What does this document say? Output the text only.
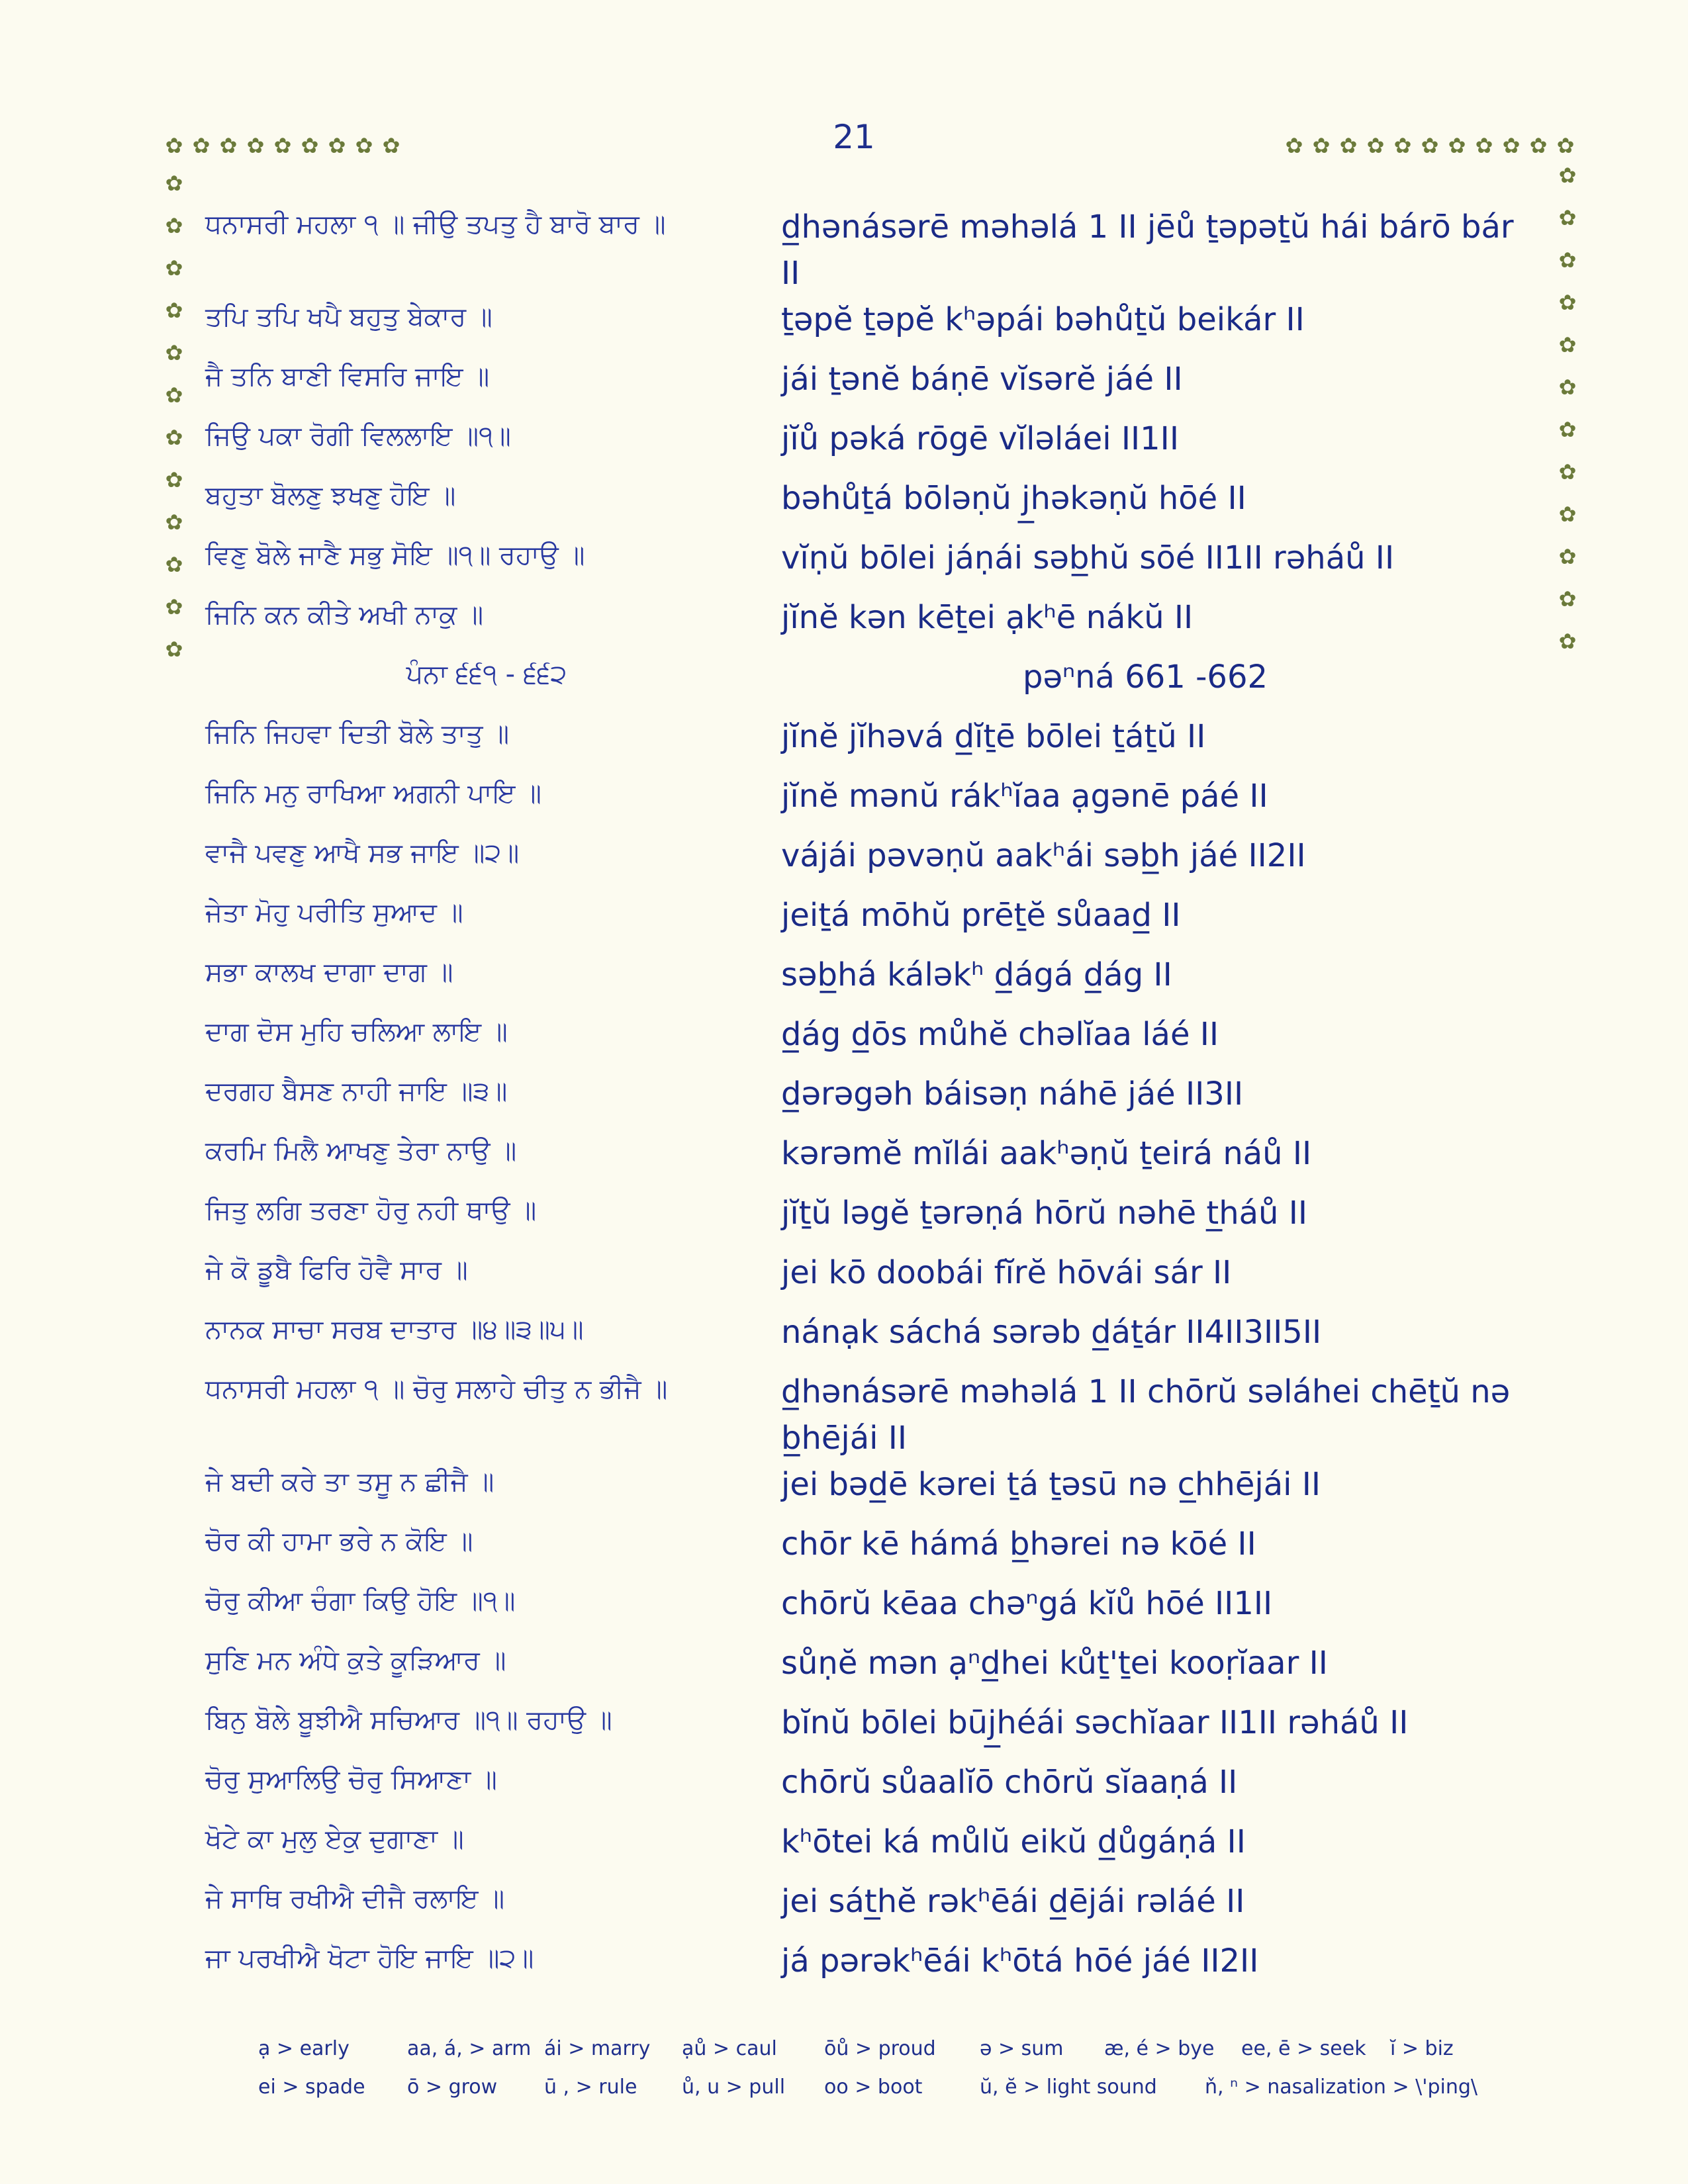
21
✿ ✿ ✿ ✿ ✿ ✿ ✿ ✿ ✿	✿ ✿ ✿ ✿ ✿ ✿ ✿ ✿ ✿ ✿ ✿
✿
✿
✿
✿
✿
✿
✿
✿
✿
✿
✿
✿
✿
✿
✿
✿
✿
✿
✿
✿
✿
✿
✿
✿
ਧਨਾਸਰੀ ਮਹਲਾ ੧ ॥ ਜੀਉ ਤਪਤੁ ਹੈ ਬਾਰੋ ਬਾਰ ॥	d̲hənásərē məhəlá 1 II jēů ṯəpəṯŭ hái bárō bár II
ਤਪਿ ਤਪਿ ਖਪੈ ਬਹੁਤੁ ਬੇਕਾਰ ॥	ṯəpĕ ṯəpĕ kʰəpái bəhůṯŭ beikár II
ਜੈ ਤਨਿ ਬਾਣੀ ਵਿਸਰਿ ਜਾਇ ॥	jái ṯənĕ báṇē vĭsərĕ jáé II
ਜਿਉ ਪਕਾ ਰੋਗੀ ਵਿਲਲਾਇ ॥੧॥	jĭů pəká rōgē vĭləláei II1II
ਬਹੁਤਾ ਬੋਲਣੁ ਝਖਣੁ ਹੋਇ ॥	bəhůṯá bōləṇŭ j̲həkəṇŭ hōé II
ਵਿਣੁ ਬੋਲੇ ਜਾਣੈ ਸਭੁ ਸੋਇ ॥੧॥ ਰਹਾਉ ॥	vĭṇŭ bōlei jáṇái səb̲hŭ sōé II1II rəháů II
ਜਿਨਿ ਕਨ ਕੀਤੇ ਅਖੀ ਨਾਕੁ ॥	jĭnĕ kən kēṯei ạkʰē nákŭ II
ਪੰਨਾ ੬੬੧ - ੬੬੨	pəⁿná 661 -662
ਜਿਨਿ ਜਿਹਵਾ ਦਿਤੀ ਬੋਲੇ ਤਾਤੁ ॥	jĭnĕ jĭhəvá d̲ĭṯē bōlei ṯáṯŭ II
ਜਿਨਿ ਮਨੁ ਰਾਖਿਆ ਅਗਨੀ ਪਾਇ ॥	jĭnĕ mənŭ rákʰĭaa ạgənē páé II
ਵਾਜੈ ਪਵਣੁ ਆਖੈ ਸਭ ਜਾਇ ॥੨॥	vájái pəvəṇŭ aakʰái səb̲h jáé II2II
ਜੇਤਾ ਮੋਹੁ ਪਰੀਤਿ ਸੁਆਦ ॥	jeiṯá mōhŭ prēṯĕ sůaad̲ II
ਸਭਾ ਕਾਲਖ ਦਾਗਾ ਦਾਗ ॥	səb̲há káləkʰ d̲ágá d̲ág II
ਦਾਗ ਦੋਸ ਮੁਹਿ ਚਲਿਆ ਲਾਇ ॥	d̲ág d̲ōs můhĕ chəlĭaa láé II
ਦਰਗਹ ਬੈਸਣ ਨਾਹੀ ਜਾਇ ॥੩॥	d̲ərəgəh báisəṇ náhē jáé II3II
ਕਰਮਿ ਮਿਲੈ ਆਖਣੁ ਤੇਰਾ ਨਾਉ ॥	kərəmĕ mĭlái aakʰəṇŭ ṯeirá náů II
ਜਿਤੁ ਲਗਿ ਤਰਣਾ ਹੋਰੁ ਨਹੀ ਥਾਉ ॥	jĭṯŭ ləgĕ ṯərəṇá hōrŭ nəhē t̲háů II
ਜੇ ਕੋ ਡੂਬੈ ਫਿਰਿ ਹੋਵੈ ਸਾਰ ॥	jei kō doobái fĭrĕ hōvái sár II
ਨਾਨਕ ਸਾਚਾ ਸਰਬ ਦਾਤਾਰ ॥੪॥੩॥੫॥	nánạk sáchá sərəb d̲áṯár II4II3II5II
ਧਨਾਸਰੀ ਮਹਲਾ ੧ ॥ ਚੋਰੁ ਸਲਾਹੇ ਚੀਤੁ ਨ ਭੀਜੈ ॥	d̲hənásərē məhəlá 1 II chōrŭ səláhei chēṯŭ nə b̲hējái II
ਜੇ ਬਦੀ ਕਰੇ ਤਾ ਤਸੂ ਨ ਛੀਜੈ ॥	jei bəd̲ē kərei ṯá ṯəsū nə c̲hhējái II
ਚੋਰ ਕੀ ਹਾਮਾ ਭਰੇ ਨ ਕੋਇ ॥	chōr kē hámá b̲hərei nə kōé II
ਚੋਰੁ ਕੀਆ ਚੰਗਾ ਕਿਉ ਹੋਇ ॥੧॥	chōrŭ kēaa chəⁿgá kĭů hōé II1II
ਸੁਣਿ ਮਨ ਅੰਧੇ ਕੁਤੇ ਕੂੜਿਆਰ ॥	sůṇĕ mən ạⁿd̲hei kůṯ'ṯei kooṛĭaar II
ਬਿਨੁ ਬੋਲੇ ਬੂਝੀਐ ਸਚਿਆਰ ॥੧॥ ਰਹਾਉ ॥	bĭnŭ bōlei būj̲héái səchĭaar II1II rəháů II
ਚੋਰੁ ਸੁਆਲਿਉ ਚੋਰੁ ਸਿਆਣਾ ॥	chōrŭ sůaalĭō chōrŭ sĭaaṇá II
ਖੋਟੇ ਕਾ ਮੁਲੁ ਏਕੁ ਦੁਗਾਣਾ ॥	kʰōtei ká můlŭ eikŭ d̲ůgáṇá II
ਜੇ ਸਾਥਿ ਰਖੀਐ ਦੀਜੈ ਰਲਾਇ ॥	jei sát̲hĕ rəkʰēái d̲ējái rəláé II
ਜਾ ਪਰਖੀਐ ਖੋਟਾ ਹੋਇ ਜਾਇ ॥੨॥	já pərəkʰēái kʰōtá hōé jáé II2II
ạ > early	aa, á, > arm ái > marry ạů > caul ōů > proud ə > sum æ, é > bye ee, ē > seek ĭ > biz
ei > spade ō > grow ū , > rule ů, u > pull oo > boot	ŭ, ĕ > light sound ň, ⁿ > nasalization > \'ping\
